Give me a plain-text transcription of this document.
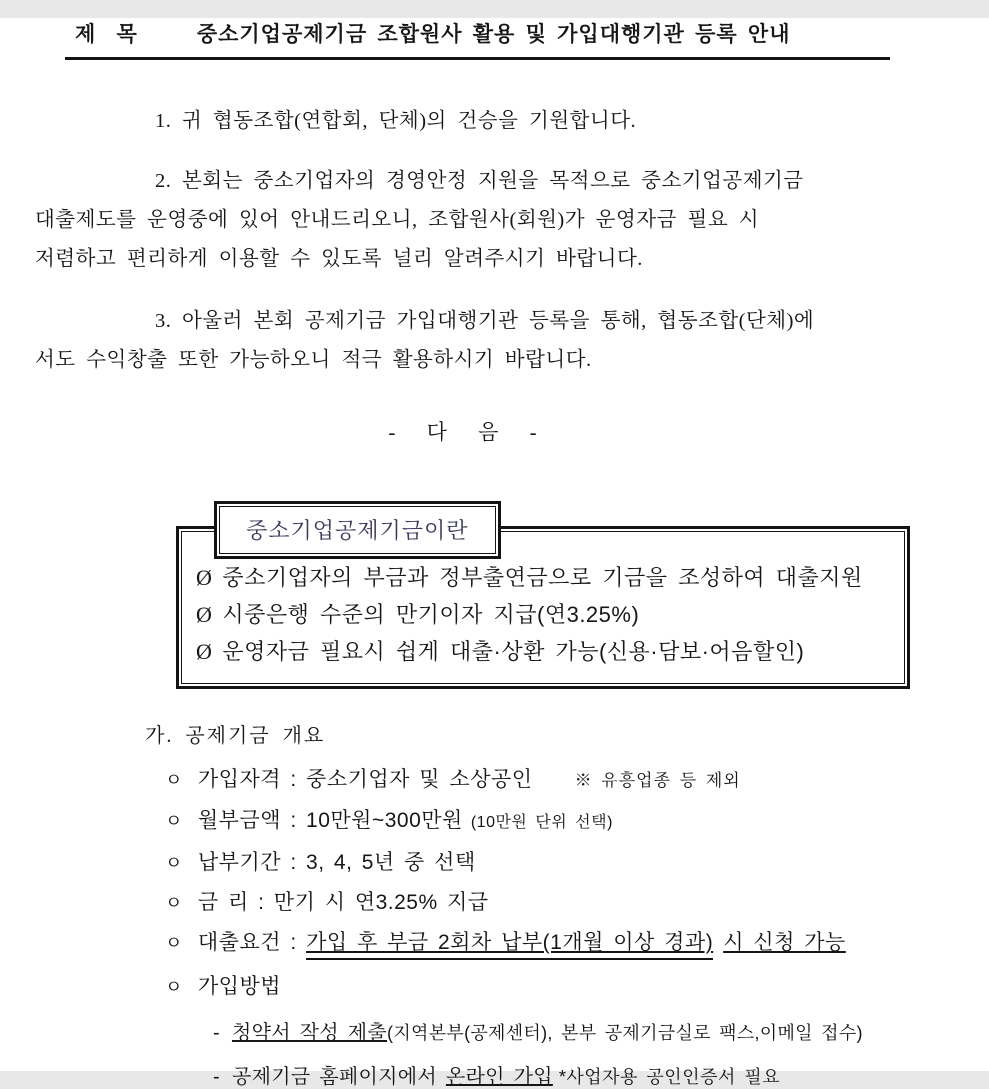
제 목 중소기업공제기금 조합원사 활용 및 가입대행기관 등록 안내
1. 귀 협동조합(연합회, 단체)의 건승을 기원합니다.
2. 본회는 중소기업자의 경영안정 지원을 목적으로 중소기업공제기금
대출제도를 운영중에 있어 안내드리오니, 조합원사(회원)가 운영자금 필요 시
저렴하고 편리하게 이용할 수 있도록 널리 알려주시기 바랍니다.
3. 아울러 본회 공제기금 가입대행기관 등록을 통해, 협동조합(단체)에
서도 수익창출 또한 가능하오니 적극 활용하시기 바랍니다.
- 다 음 -
중소기업공제기금이란
Ø 중소기업자의 부금과 정부출연금으로 기금을 조성하여 대출지원
Ø 시중은행 수준의 만기이자 지급(연3.25%)
Ø 운영자금 필요시 쉽게 대출·상환 가능(신용·담보·어음할인)
가. 공제기금 개요
ㅇ 가입자격 : 중소기업자 및 소상공인 ※ 유흥업종 등 제외
ㅇ 월부금액 : 10만원~300만원 (10만원 단위 선택)
ㅇ 납부기간 : 3, 4, 5년 중 선택
ㅇ 금 리 : 만기 시 연3.25% 지급
ㅇ 대출요건 :
가입 후 부금 2회차 납부(1개월 이상 경과) 시 신청 가능
ㅇ 가입방법
- 청약서 작성 제출 (지역본부(공제센터), 본부 공제기금실로 팩스,이메일 접수)
- 공제기금 홈페이지에서
온라인 가입 *사업자용 공인인증서 필요
